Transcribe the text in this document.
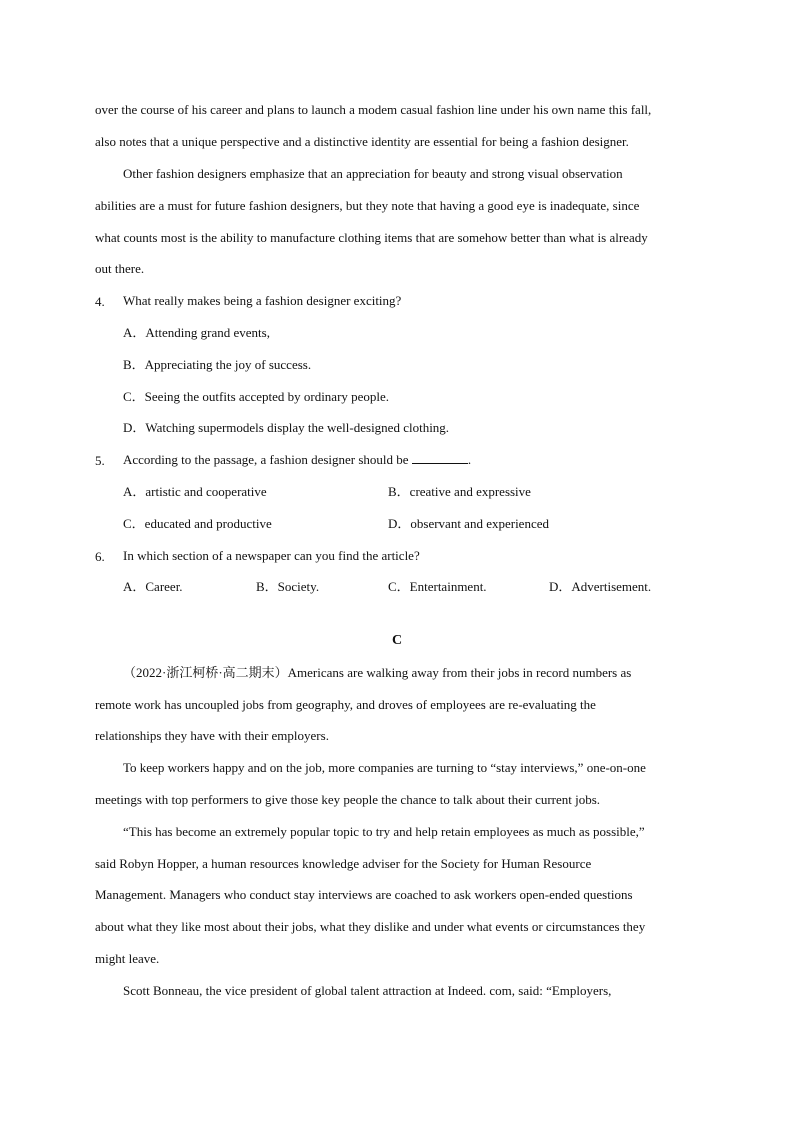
over the course of his career and plans to launch a modem casual fashion line under his own name this fall,
also notes that a unique perspective and a distinctive identity are essential for being a fashion designer.
Other fashion designers emphasize that an appreciation for beauty and strong visual observation
abilities are a must for future fashion designers, but they note that having a good eye is inadequate, since
what counts most is the ability to manufacture clothing items that are somehow better than what is already
out there.
4. What really makes being a fashion designer exciting?
A．Attending grand events,
B．Appreciating the joy of success.
C．Seeing the outfits accepted by ordinary people.
D．Watching supermodels display the well-designed clothing.
5. According to the passage, a fashion designer should be	.
A．artistic and cooperative	B．creative and expressive
C．educated and productive	D．observant and experienced
6. In which section of a newspaper can you find the article?
A．Career.	B．Society.	C．Entertainment.	D．Advertisement.
C
（2022·浙江柯桥·高二期末）Americans are walking away from their jobs in record numbers as
remote work has uncoupled jobs from geography, and droves of employees are re-evaluating the
relationships they have with their employers.
To keep workers happy and on the job, more companies are turning to “stay interviews,” one-on-one
meetings with top performers to give those key people the chance to talk about their current jobs.
“This has become an extremely popular topic to try and help retain employees as much as possible,”
said Robyn Hopper, a human resources knowledge adviser for the Society for Human Resource
Management. Managers who conduct stay interviews are coached to ask workers open-ended questions
about what they like most about their jobs, what they dislike and under what events or circumstances they
might leave.
Scott Bonneau, the vice president of global talent attraction at Indeed. com, said: “Employers,
